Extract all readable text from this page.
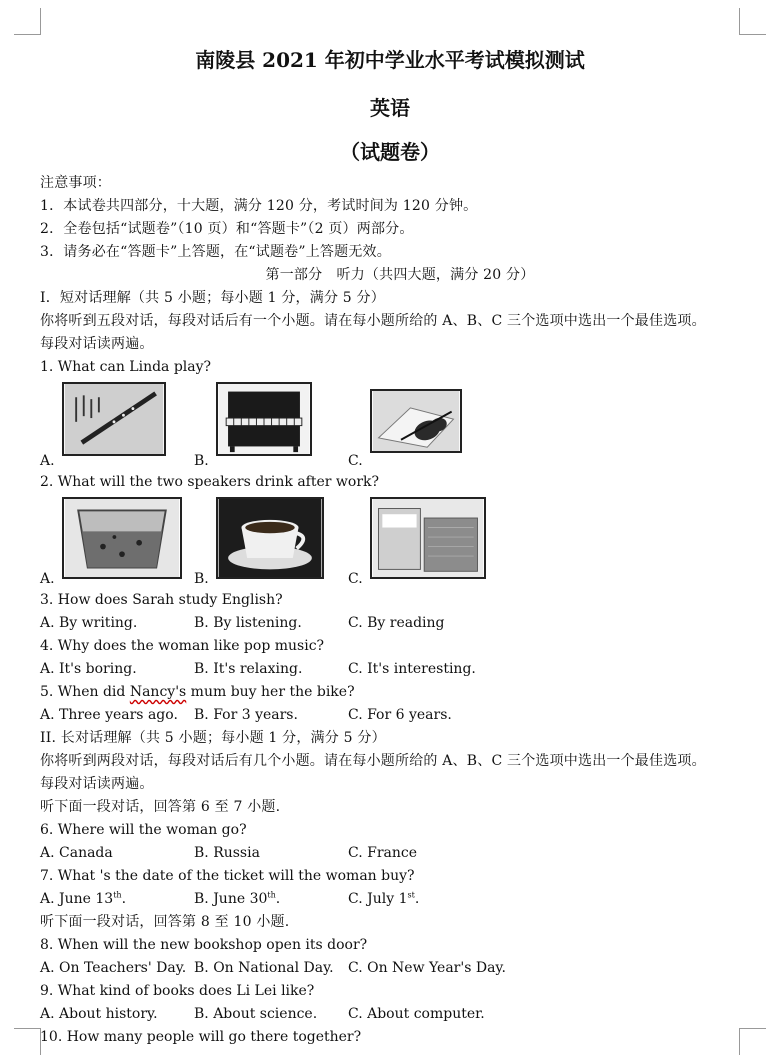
南陵县 2021 年初中学业水平考试模拟测试
英语
（试题卷）
注意事项：
1．本试卷共四部分，十大题，满分 120 分，考试时间为 120 分钟。
2．全卷包括“试题卷”（10 页）和“答题卡”（2 页）两部分。
3．请务必在“答题卡”上答题，在“试题卷”上答题无效。
第一部分　听力（共四大题，满分 20 分）
I．短对话理解（共 5 小题；每小题 1 分，满分 5 分）
你将听到五段对话，每段对话后有一个小题。请在每小题所给的 A、B、C 三个选项中选出一个最佳选项。
每段对话读两遍。
1. What can Linda play?
A.	B.	C.
2. What will the two speakers drink after work?
A.	B.	C.
3. How does Sarah study English?
A. By writing.	B. By listening.	C. By reading
4. Why does the woman like pop music?
A. It's boring.	B. It's relaxing.	C. It's interesting.
5. When did Nancy's mum buy her the bike?
A. Three years ago. B. For 3 years.	C. For 6 years.
II. 长对话理解（共 5 小题；每小题 1 分，满分 5 分）
你将听到两段对话，每段对话后有几个小题。请在每小题所给的 A、B、C 三个选项中选出一个最佳选项。
每段对话读两遍。
听下面一段对话，回答第 6 至 7 小题.
6. Where will the woman go?
A. Canada	B. Russia	C. France
7. What 's the date of the ticket will the woman buy?
A. June 13th.	B. June 30th.	C. July 1st.
听下面一段对话，回答第 8 至 10 小题.
8. When will the new bookshop open its door?
A. On Teachers' Day. B. On National Day. C. On New Year's Day.
9. What kind of books does Li Lei like?
A. About history.	B. About science. C. About computer.
10. How many people will go there together?
